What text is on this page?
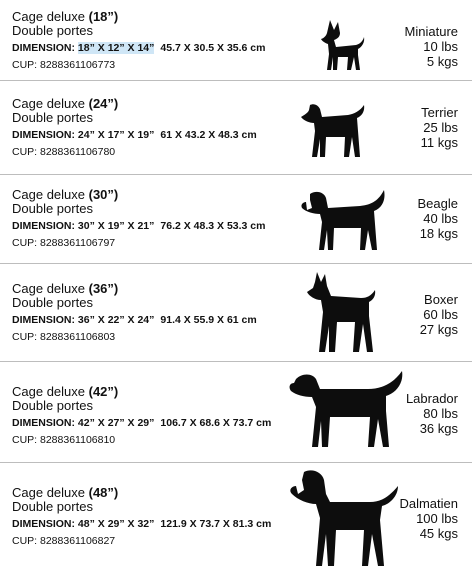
Cage deluxe (18”)
Double portes
DIMENSION: 18” X 12” X 14” 45.7 X 30.5 X 35.6 cm
CUP: 8288361106773
Miniature
10 lbs
5 kgs
Cage deluxe (24”)
Double portes
DIMENSION: 24” X 17” X 19” 61 X 43.2 X 48.3 cm
CUP: 8288361106780
Terrier
25 lbs
11 kgs
Cage deluxe (30”)
Double portes
DIMENSION: 30” X 19” X 21” 76.2 X 48.3 X 53.3 cm
CUP: 8288361106797
Beagle
40 lbs
18 kgs
Cage deluxe (36”)
Double portes
DIMENSION: 36” X 22” X 24” 91.4 X 55.9 X 61 cm
CUP: 8288361106803
Boxer
60 lbs
27 kgs
Cage deluxe (42”)
Double portes
DIMENSION: 42” X 27” X 29” 106.7 X 68.6 X 73.7 cm
CUP: 8288361106810
Labrador
80 lbs
36 kgs
Cage deluxe (48”)
Double portes
DIMENSION: 48” X 29” X 32” 121.9 X 73.7 X 81.3 cm
CUP: 8288361106827
Dalmatien
100 lbs
45 kgs
